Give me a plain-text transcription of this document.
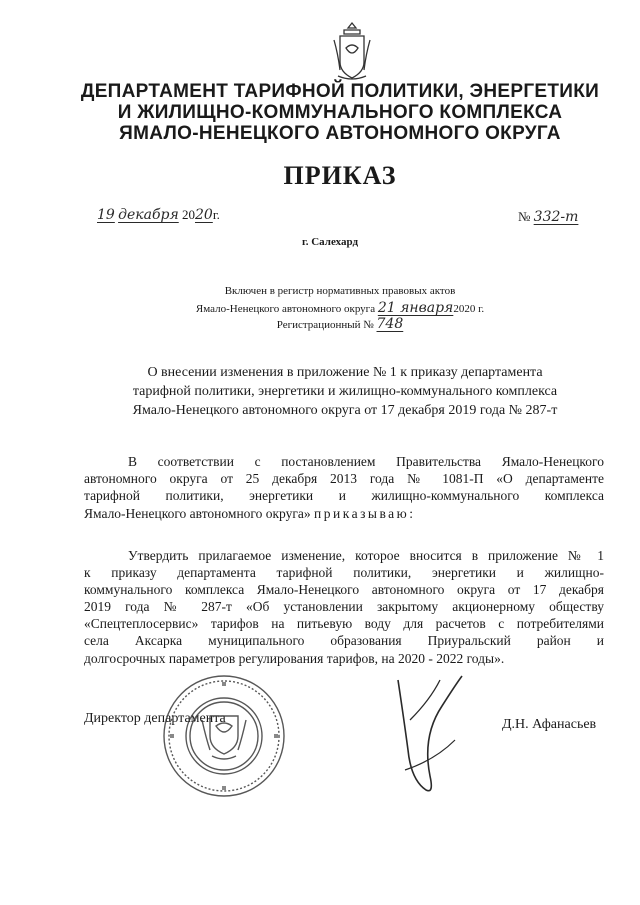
ДЕПАРТАМЕНТ ТАРИФНОЙ ПОЛИТИКИ, ЭНЕРГЕТИКИ
И ЖИЛИЩНО-КОММУНАЛЬНОГО КОМПЛЕКСА
ЯМАЛО-НЕНЕЦКОГО АВТОНОМНОГО ОКРУГА
ПРИКАЗ
19 декабря 2020г.	№ 332-т
г. Салехард
Включен в регистр нормативных правовых актов
Ямало-Ненецкого автономного округа 21 января2020 г.
Регистрационный № 748
О внесении изменения в приложение № 1 к приказу департамента
тарифной политики, энергетики и жилищно-коммунального комплекса
Ямало-Ненецкого автономного округа от 17 декабря 2019 года № 287-т
В соответствии с постановлением Правительства Ямало-Ненецкого
автономного округа от 25 декабря 2013 года № 1081-П «О департаменте
тарифной политики, энергетики и жилищно-коммунального комплекса
Ямало-Ненецкого автономного округа» приказываю:
Утвердить прилагаемое изменение, которое вносится в приложение № 1
к приказу департамента тарифной политики, энергетики и жилищно-
коммунального комплекса Ямало-Ненецкого автономного округа от 17 декабря
2019 года № 287-т «Об установлении закрытому акционерному обществу
«Спецтеплосервис» тарифов на питьевую воду для расчетов с потребителями
села Аксарка муниципального образования Приуральский район и
долгосрочных параметров регулирования тарифов, на 2020 - 2022 годы».
Директор департамента	Д.Н. Афанасьев
